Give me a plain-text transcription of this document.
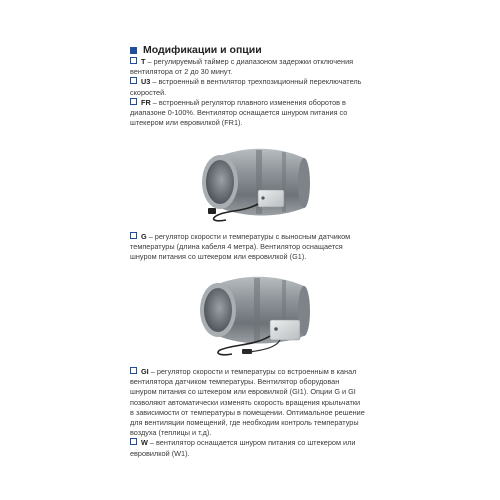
Модификации и опции
T – регулируемый таймер с диапазоном задержки отключения
вентилятора от 2 до 30 минут.
U3 – встроенный в вентилятор трехпозиционный переключатель
скоростей.
FR – встроенный регулятор плавного изменения оборотов в
диапазоне 0-100%. Вентилятор оснащается шнуром питания со
штекером или евровилкой (FR1).
G – регулятор скорости и температуры с выносным датчиком
температуры (длина кабеля 4 метра). Вентилятор оснащается
шнуром питания со штекером или евровилкой (G1).
GI – регулятор скорости и температуры со встроенным в канал
вентилятора датчиком температуры. Вентилятор оборудован
шнуром питания со штекером или евровилкой (GI1). Опции G и GI
позволяют автоматически изменять скорость вращения крыльчатки
в зависимости от температуры в помещении. Оптимальное решение
для вентиляции помещений, где необходим контроль температуры
воздуха (теплицы и т.д).
W – вентилятор оснащается шнуром питания со штекером или
евровилкой (W1).
